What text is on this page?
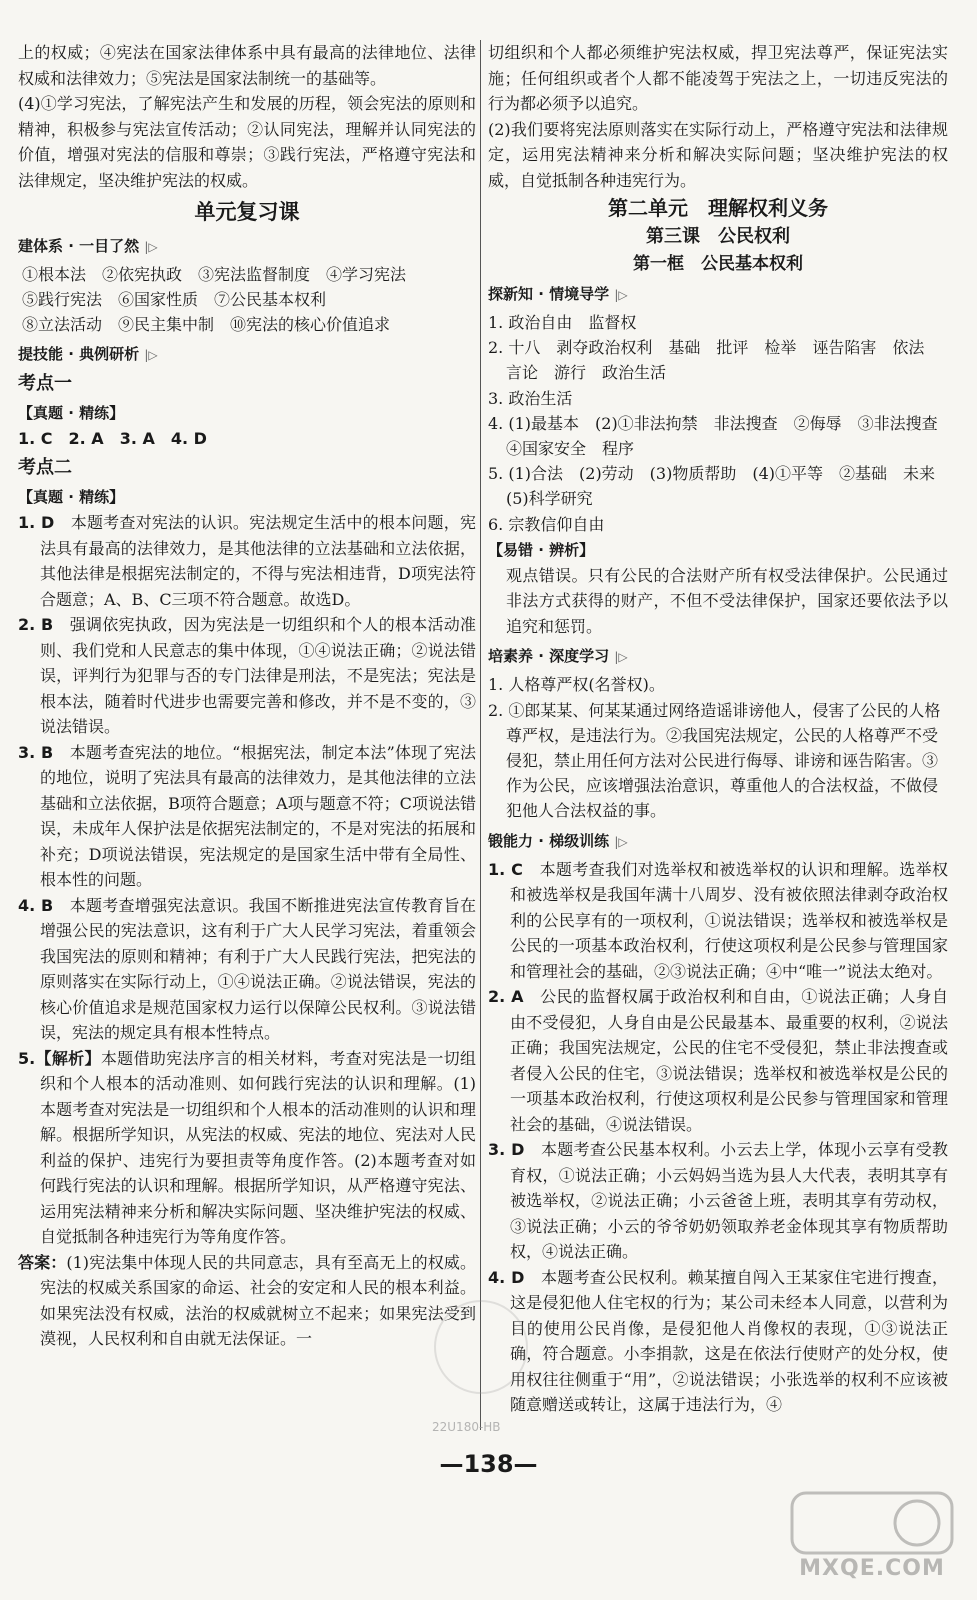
上的权威；④宪法在国家法律体系中具有最高的法律地位、法律权威和法律效力；⑤宪法是国家法制统一的基础等。

(4)①学习宪法，了解宪法产生和发展的历程，领会宪法的原则和精神，积极参与宪法宣传活动；②认同宪法，理解并认同宪法的价值，增强对宪法的信服和尊崇；③践行宪法，严格遵守宪法和法律规定，坚决维护宪法的权威。

单元复习课
建体系 · 一目了然 |▷
①根本法 ②依宪执政 ③宪法监督制度 ④学习宪法
⑤践行宪法 ⑥国家性质 ⑦公民基本权利
⑧立法活动 ⑨民主集中制 ⑩宪法的核心价值追求
提技能 · 典例研析 |▷
考点一
【真题 · 精练】
1. C　2. A　3. A　4. D
考点二
【真题 · 精练】

1. D　本题考查对宪法的认识。宪法规定生活中的根本问题，宪法具有最高的法律效力，是其他法律的立法基础和立法依据，其他法律是根据宪法制定的，不得与宪法相违背，D项宪法符合题意；A、B、C三项不符合题意。故选D。

2. B　强调依宪执政，因为宪法是一切组织和个人的根本活动准则、我们党和人民意志的集中体现，①④说法正确；②说法错误，评判行为犯罪与否的专门法律是刑法，不是宪法；宪法是根本法，随着时代进步也需要完善和修改，并不是不变的，③说法错误。

3. B　本题考查宪法的地位。“根据宪法，制定本法”体现了宪法的地位，说明了宪法具有最高的法律效力，是其他法律的立法基础和立法依据，B项符合题意；A项与题意不符；C项说法错误，未成年人保护法是依据宪法制定的，不是对宪法的拓展和补充；D项说法错误，宪法规定的是国家生活中带有全局性、根本性的问题。

4. B　本题考查增强宪法意识。我国不断推进宪法宣传教育旨在增强公民的宪法意识，这有利于广大人民学习宪法，着重领会我国宪法的原则和精神；有利于广大人民践行宪法，把宪法的原则落实在实际行动上，①④说法正确。②说法错误，宪法的核心价值追求是规范国家权力运行以保障公民权利。③说法错误，宪法的规定具有根本性特点。

5.【解析】本题借助宪法序言的相关材料，考查对宪法是一切组织和个人根本的活动准则、如何践行宪法的认识和理解。(1)本题考查对宪法是一切组织和个人根本的活动准则的认识和理解。根据所学知识，从宪法的权威、宪法的地位、宪法对人民利益的保护、违宪行为要担责等角度作答。(2)本题考查对如何践行宪法的认识和理解。根据所学知识，从严格遵守宪法、运用宪法精神来分析和解决实际问题、坚决维护宪法的权威、自觉抵制各种违宪行为等角度作答。

答案：(1)宪法集中体现人民的共同意志，具有至高无上的权威。宪法的权威关系国家的命运、社会的安定和人民的根本利益。如果宪法没有权威，法治的权威就树立不起来；如果宪法受到漠视，人民权利和自由就无法保证。一

切组织和个人都必须维护宪法权威，捍卫宪法尊严，保证宪法实施；任何组织或者个人都不能凌驾于宪法之上，一切违反宪法的行为都必须予以追究。

(2)我们要将宪法原则落实在实际行动上，严格遵守宪法和法律规定，运用宪法精神来分析和解决实际问题；坚决维护宪法的权威，自觉抵制各种违宪行为。

第二单元　理解权利义务
第三课　公民权利
第一框　公民基本权利
探新知 · 情境导学 |▷

1. 政治自由　监督权

2. 十八　剥夺政治权利　基础　批评　检举　诬告陷害　依法　言论　游行　政治生活

3. 政治生活

4. (1)最基本　(2)①非法拘禁　非法搜查　②侮辱　③非法搜查　④国家安全　程序

5. (1)合法　(2)劳动　(3)物质帮助　(4)①平等　②基础　未来　(5)科学研究

6. 宗教信仰自由

【易错 · 辨析】

观点错误。只有公民的合法财产所有权受法律保护。公民通过非法方式获得的财产，不但不受法律保护，国家还要依法予以追究和惩罚。

培素养 · 深度学习 |▷

1. 人格尊严权(名誉权)。

2. ①郎某某、何某某通过网络造谣诽谤他人，侵害了公民的人格尊严权，是违法行为。②我国宪法规定，公民的人格尊严不受侵犯，禁止用任何方法对公民进行侮辱、诽谤和诬告陷害。③作为公民，应该增强法治意识，尊重他人的合法权益，不做侵犯他人合法权益的事。

锻能力 · 梯级训练 |▷

1. C　本题考查我们对选举权和被选举权的认识和理解。选举权和被选举权是我国年满十八周岁、没有被依照法律剥夺政治权利的公民享有的一项权利，①说法错误；选举权和被选举权是公民的一项基本政治权利，行使这项权利是公民参与管理国家和管理社会的基础，②③说法正确；④中“唯一”说法太绝对。

2. A　公民的监督权属于政治权利和自由，①说法正确；人身自由不受侵犯，人身自由是公民最基本、最重要的权利，②说法正确；我国宪法规定，公民的住宅不受侵犯，禁止非法搜查或者侵入公民的住宅，③说法错误；选举权和被选举权是公民的一项基本政治权利，行使这项权利是公民参与管理国家和管理社会的基础，④说法错误。

3. D　本题考查公民基本权利。小云去上学，体现小云享有受教育权，①说法正确；小云妈妈当选为县人大代表，表明其享有被选举权，②说法正确；小云爸爸上班，表明其享有劳动权，③说法正确；小云的爷爷奶奶领取养老金体现其享有物质帮助权，④说法正确。

4. D　本题考查公民权利。赖某擅自闯入王某家住宅进行搜查，这是侵犯他人住宅权的行为；某公司未经本人同意，以营利为目的使用公民肖像，是侵犯他人肖像权的表现，①③说法正确，符合题意。小李捐款，这是在依法行使财产的处分权，使用权往往侧重于“用”，②说法错误；小张选举的权利不应该被随意赠送或转让，这属于违法行为，④

22U180-HB
—138—
MXQE.COM
